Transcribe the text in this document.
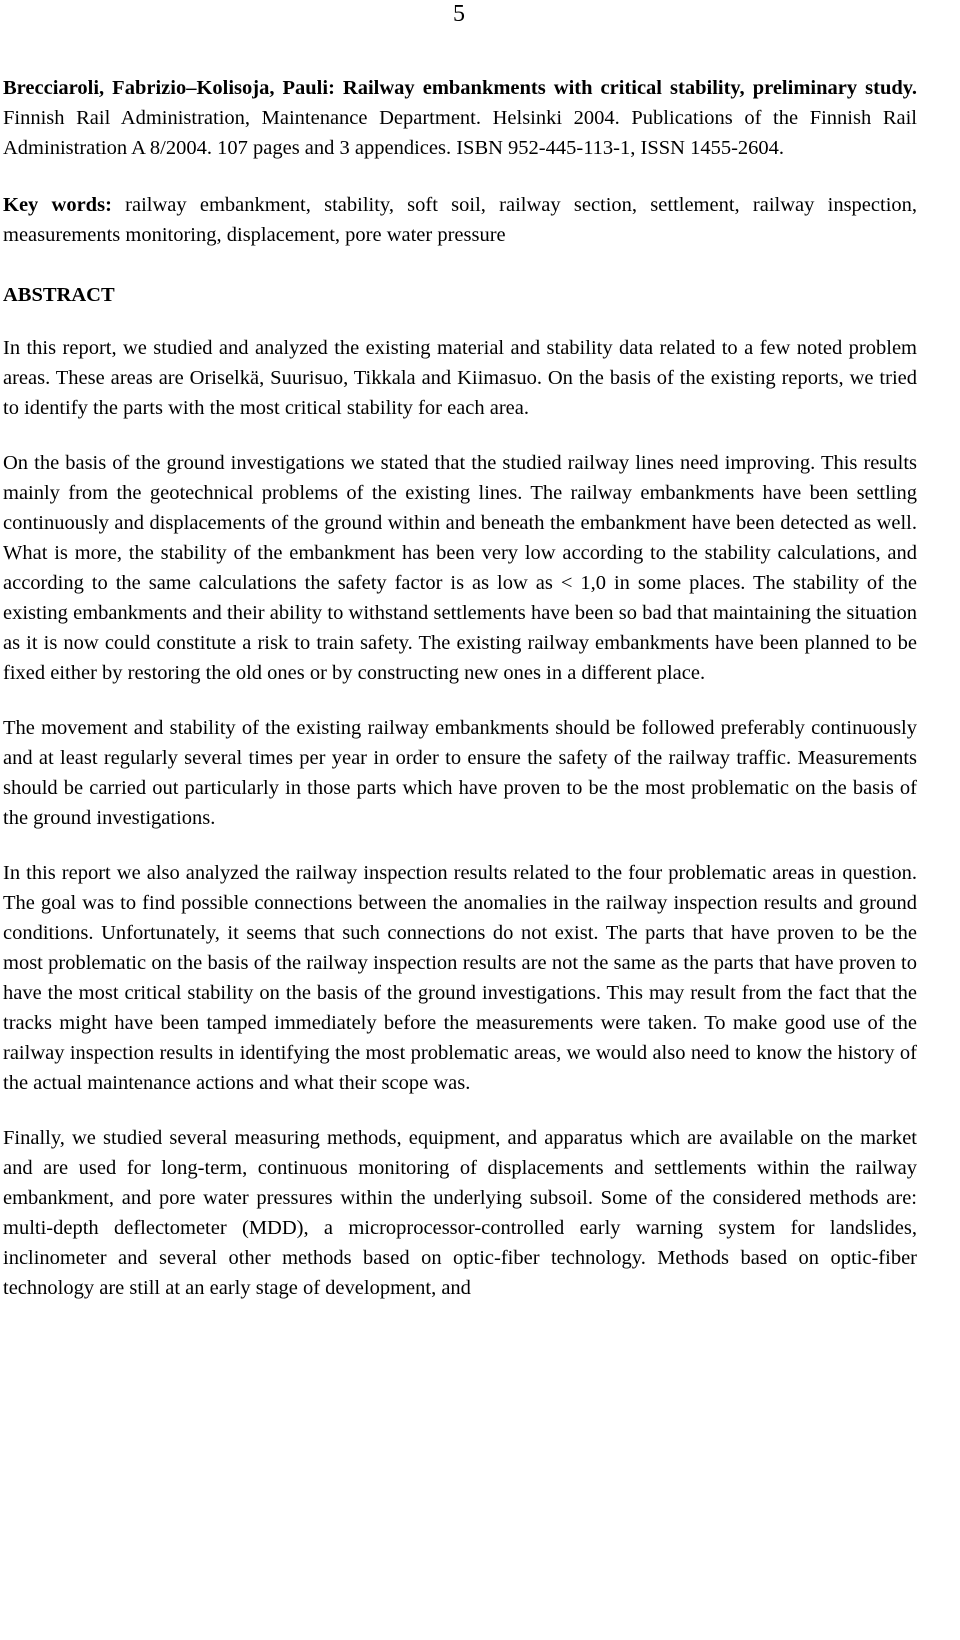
5

Brecciaroli, Fabrizio–Kolisoja, Pauli: Railway embankments with critical stability, preliminary study. Finnish Rail Administration, Maintenance Department. Helsinki 2004. Publications of the Finnish Rail Administration A 8/2004. 107 pages and 3 appendices. ISBN 952-445-113-1, ISSN 1455-2604.

Key words: railway embankment, stability, soft soil, railway section, settlement, railway inspection, measurements monitoring, displacement, pore water pressure

ABSTRACT

In this report, we studied and analyzed the existing material and stability data related to a few noted problem areas. These areas are Oriselkä, Suurisuo, Tikkala and Kiimasuo. On the basis of the existing reports, we tried to identify the parts with the most critical stability for each area.

On the basis of the ground investigations we stated that the studied railway lines need improving. This results mainly from the geotechnical problems of the existing lines. The railway embankments have been settling continuously and displacements of the ground within and beneath the embankment have been detected as well. What is more, the stability of the embankment has been very low according to the stability calculations, and according to the same calculations the safety factor is as low as < 1,0 in some places. The stability of the existing embankments and their ability to withstand settlements have been so bad that maintaining the situation as it is now could constitute a risk to train safety. The existing railway embankments have been planned to be fixed either by restoring the old ones or by constructing new ones in a different place.

The movement and stability of the existing railway embankments should be followed preferably continuously and at least regularly several times per year in order to ensure the safety of the railway traffic. Measurements should be carried out particularly in those parts which have proven to be the most problematic on the basis of the ground investigations.

In this report we also analyzed the railway inspection results related to the four problematic areas in question. The goal was to find possible connections between the anomalies in the railway inspection results and ground conditions. Unfortunately, it seems that such connections do not exist. The parts that have proven to be the most problematic on the basis of the railway inspection results are not the same as the parts that have proven to have the most critical stability on the basis of the ground investigations. This may result from the fact that the tracks might have been tamped immediately before the measurements were taken. To make good use of the railway inspection results in identifying the most problematic areas, we would also need to know the history of the actual maintenance actions and what their scope was.

Finally, we studied several measuring methods, equipment, and apparatus which are available on the market and are used for long-term, continuous monitoring of displacements and settlements within the railway embankment, and pore water pressures within the underlying subsoil. Some of the considered methods are: multi-depth deflectometer (MDD), a microprocessor-controlled early warning system for landslides, inclinometer and several other methods based on optic-fiber technology. Methods based on optic-fiber technology are still at an early stage of development, and
